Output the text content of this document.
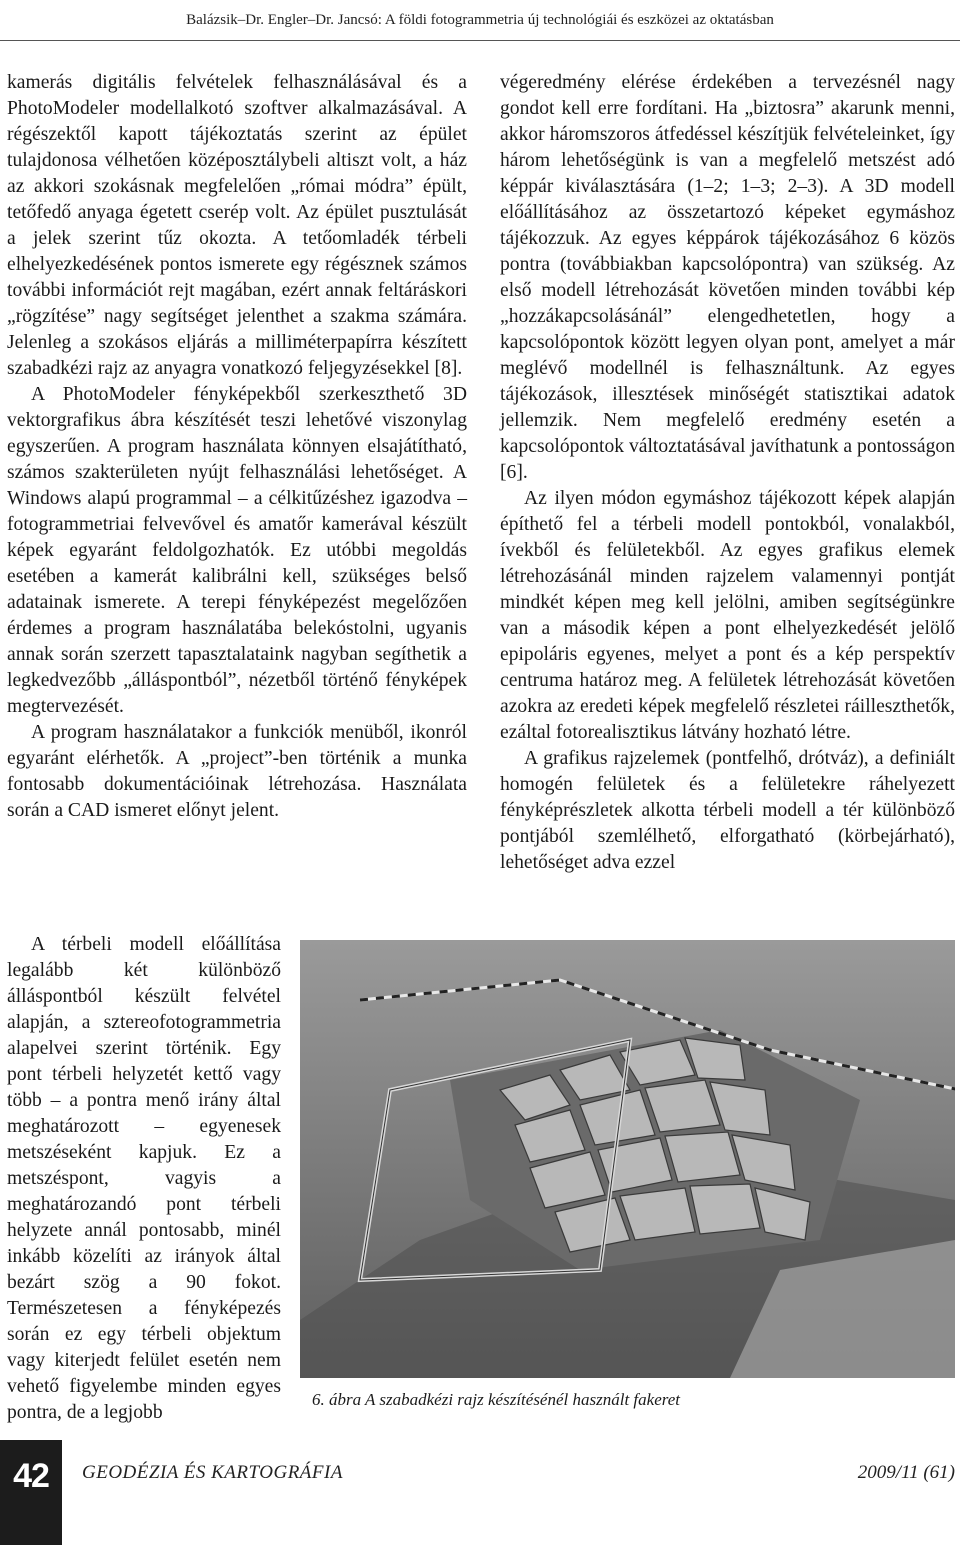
Balázsik–Dr. Engler–Dr. Jancsó: A földi fotogrammetria új technológiái és eszközei az oktatásban

kamerás digitális felvételek felhasználásával és a PhotoModeler modellalkotó szoftver alkalmazásával. A régészektől kapott tájékoztatás szerint az épület tulajdonosa vélhetően középosztálybeli altiszt volt, a ház az akkori szokásnak megfelelően „római módra” épült, tetőfedő anyaga égetett cserép volt. Az épület pusztulását a jelek szerint tűz okozta. A tetőomladék térbeli elhelyezkedésének pontos ismerete egy régésznek számos további információt rejt magában, ezért annak feltáráskori „rögzítése” nagy segítséget jelenthet a szakma számára. Jelenleg a szokásos eljárás a milliméterpapírra készített szabadkézi rajz az anyagra vonatkozó feljegyzésekkel [8].

A PhotoModeler fényképekből szerkeszthető 3D vektorgrafikus ábra készítését teszi lehetővé viszonylag egyszerűen. A program használata könnyen elsajátítható, számos szakterületen nyújt felhasználási lehetőséget. A Windows alapú programmal – a célkitűzéshez igazodva – fotogrammetriai felvevővel és amatőr kamerával készült képek egyaránt feldolgozhatók. Ez utóbbi megoldás esetében a kamerát kalibrálni kell, szükséges belső adatainak ismerete. A terepi fényképezést megelőzően érdemes a program használatába belekóstolni, ugyanis annak során szerzett tapasztalataink nagyban segíthetik a legkedvezőbb „álláspontból”, nézetből történő fényképek megtervezését.

A program használatakor a funkciók menüből, ikonról egyaránt elérhetők. A „project”-ben történik a munka fontosabb dokumentációinak létrehozása. Használata során a CAD ismeret előnyt jelent.

A térbeli modell előállítása legalább két különböző álláspontból készült felvétel alapján, a sztereofotogrammetria alapelvei szerint történik. Egy pont térbeli helyzetét kettő vagy több – a pontra menő irány által meghatározott – egyenesek metszéseként kapjuk. Ez a metszéspont, vagyis a meghatározandó pont térbeli helyzete annál pontosabb, minél inkább közelíti az irányok által bezárt szög a 90 fokot. Természetesen a fényképezés során ez egy térbeli objektum vagy kiterjedt felület esetén nem vehető figyelembe minden egyes pontra, de a legjobb

végeredmény elérése érdekében a tervezésnél nagy gondot kell erre fordítani. Ha „biztosra” akarunk menni, akkor háromszoros átfedéssel készítjük felvételeinket, így három lehetőségünk is van a megfelelő metszést adó képpár kiválasztására (1–2; 1–3; 2–3). A 3D modell előállításához az összetartozó képeket egymáshoz tájékozzuk. Az egyes képpárok tájékozásához 6 közös pontra (továbbiakban kapcsolópontra) van szükség. Az első modell létrehozását követően minden további kép „hozzákapcsolásánál” elengedhetetlen, hogy a kapcsolópontok között legyen olyan pont, amelyet a már meglévő modellnél is felhasználtunk. Az egyes tájékozások, illesztések minőségét statisztikai adatok jellemzik. Nem megfelelő eredmény esetén a kapcsolópontok változtatásával javíthatunk a pontosságon [6].

Az ilyen módon egymáshoz tájékozott képek alapján építhető fel a térbeli modell pontokból, vonalakból, ívekből és felületekből. Az egyes grafikus elemek létrehozásánál minden rajzelem valamennyi pontját mindkét képen meg kell jelölni, amiben segítségünkre van a második képen a pont elhelyezkedését jelölő epipoláris egyenes, melyet a pont és a kép perspektív centruma határoz meg. A felületek létrehozását követően azokra az eredeti képek megfelelő részletei ráilleszthetők, ezáltal fotorealisztikus látvány hozható létre.

A grafikus rajzelemek (pontfelhő, drótváz), a definiált homogén felületek és a felületekre ráhelyezett fényképrészletek alkotta térbeli modell a tér különböző pontjából szemlélhető, elforgatható (körbejárható), lehetőséget adva ezzel

6. ábra A szabadkézi rajz készítésénél használt fakeret
42	GEODÉZIA ÉS KARTOGRÁFIA	2009/11 (61)
